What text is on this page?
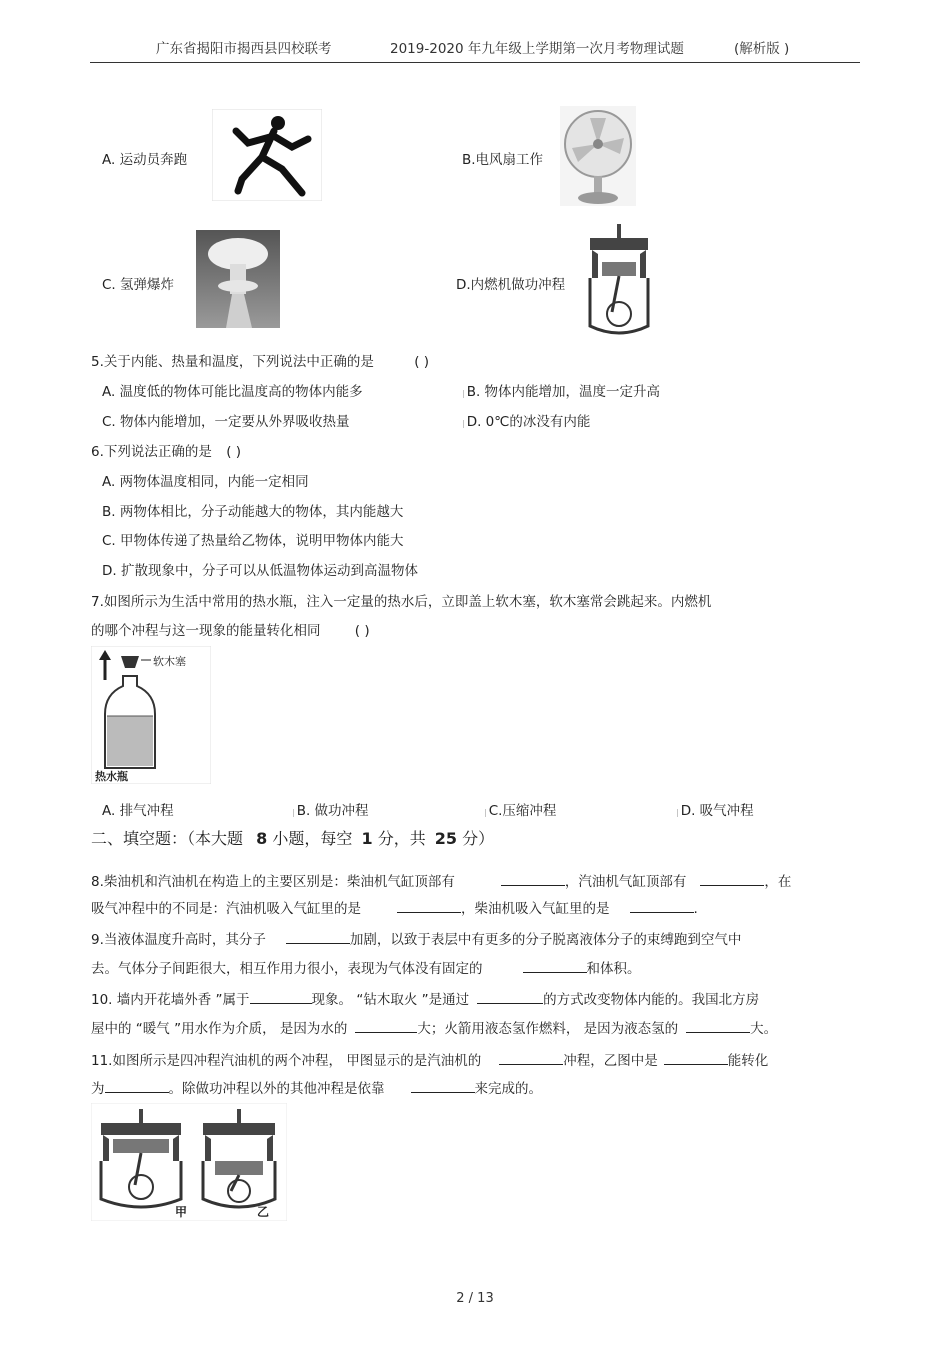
广东省揭阳市揭西县四校联考	2019-2020 年九年级上学期第一次月考物理试题	(解析版 )
A. 运动员奔跑	B.电风扇工作
C. 氢弹爆炸	D.内燃机做功冲程
5.关于内能、热量和温度，下列说法中正确的是	( )
A. 温度低的物体可能比温度高的物体内能多	| B. 物体内能增加，温度一定升高
C. 物体内能增加，一定要从外界吸收热量	| D. 0℃的冰没有内能
6.下列说法正确的是 ( )
A. 两物体温度相同，内能一定相同
B. 两物体相比，分子动能越大的物体，其内能越大
C. 甲物体传递了热量给乙物体，说明甲物体内能大
D. 扩散现象中，分子可以从低温物体运动到高温物体
7.如图所示为生活中常用的热水瓶，注入一定量的热水后，立即盖上软木塞，软木塞常会跳起来。内燃机
的哪个冲程与这一现象的能量转化相同	( )
软木塞
热水瓶
A. 排气冲程	| B. 做功冲程	| C.压缩冲程	| D. 吸气冲程
二、填空题：（本大题 8 小题，每空 1 分，共 25 分）
8.柴油机和汽油机在构造上的主要区别是：柴油机气缸顶部有	，汽油机气缸顶部有	，在
吸气冲程中的不同是：汽油机吸入气缸里的是	，柴油机吸入气缸里的是	.
9.当液体温度升高时，其分子	加剧，以致于表层中有更多的分子脱离液体分子的束缚跑到空气中
去。气体分子间距很大，相互作用力很小，表现为气体没有固定的	和体积。
10. 墙内开花墙外香 ”属于	现象。 “钻木取火 ”是通过	的方式改变物体内能的。我国北方房
屋中的 “暖气 ”用水作为介质， 是因为水的	大；火箭用液态氢作燃料， 是因为液态氢的	大。
11.如图所示是四冲程汽油机的两个冲程， 甲图显示的是汽油机的	冲程，乙图中是	能转化
为	。除做功冲程以外的其他冲程是依靠	来完成的。
甲	乙
2 / 13
